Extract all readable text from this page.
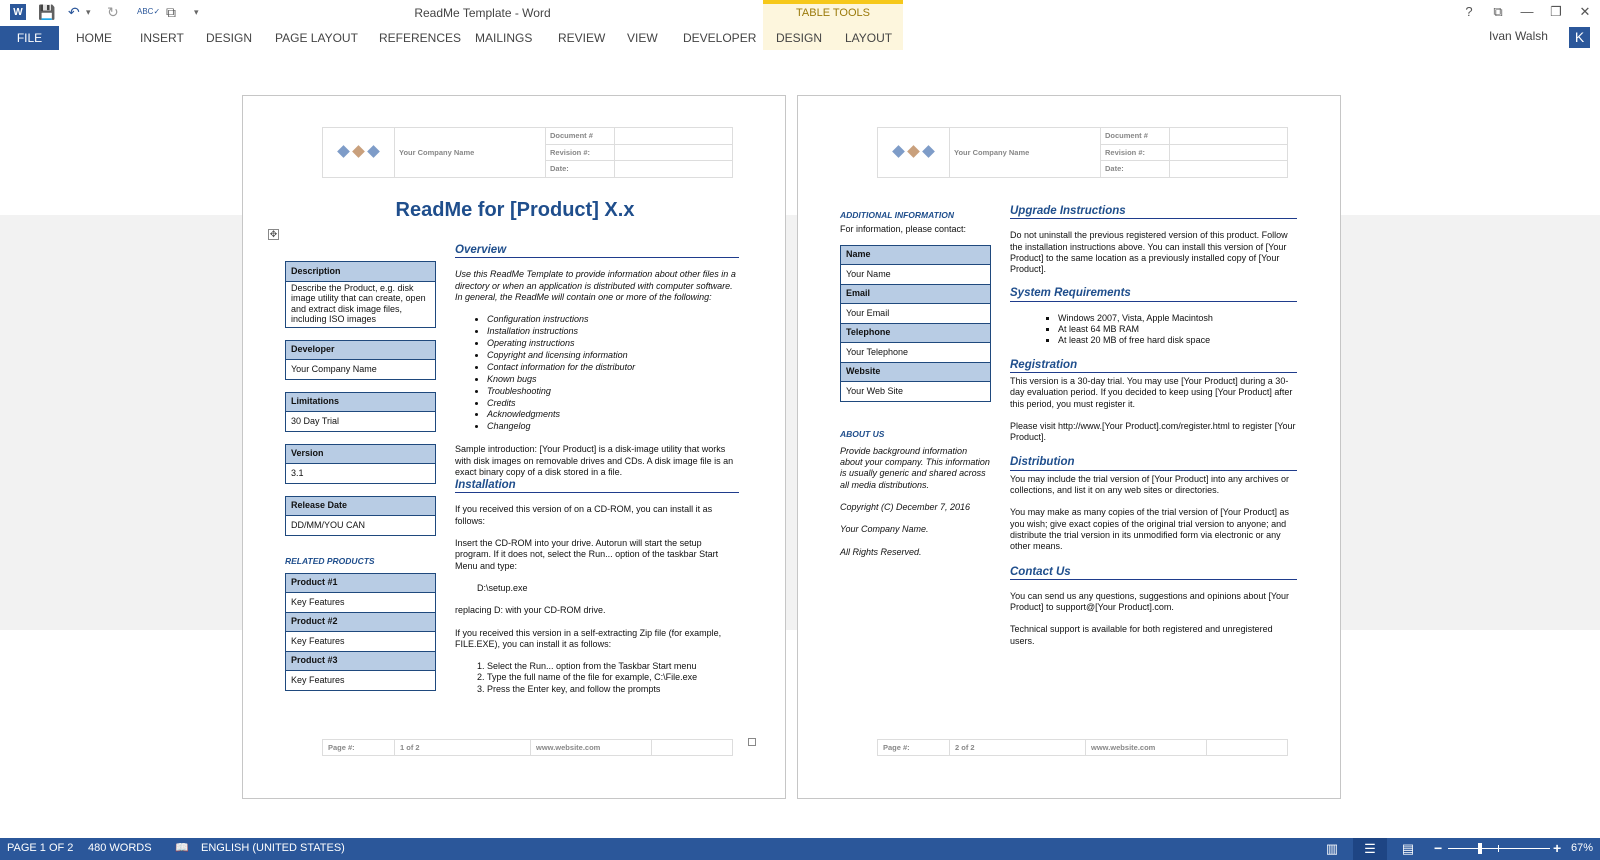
W 💾 ↶ ▾ ↻ ABC✓ ⧉ ▾	ReadMe Template - Word	?	⧉	—	❐	✕
TABLE TOOLS
FILE	HOME INSERT DESIGN PAGE LAYOUT REFERENCES MAILINGS REVIEW VIEW DEVELOPER DESIGN LAYOUT	Ivan Walsh	K
	Your Company Name	Document #	
		Revision #:	
		Date:	
ReadMe for [Product] X.x
✥
Description
Describe the Product, e.g. disk image utility that can create, open and extract disk image files, including ISO images
Developer
Your Company Name
Limitations
30 Day Trial
Version
3.1
Release Date
DD/MM/YOU CAN
RELATED PRODUCTS
Product #1
Key Features
Product #2
Key Features
Product #3
Key Features
Overview

Use this ReadMe Template to provide information about other files in a directory or when an application is distributed with computer software. In general, the ReadMe will contain one or more of the following:

• Configuration instructions
• Installation instructions
• Operating instructions
• Copyright and licensing information
• Contact information for the distributor
• Known bugs
• Troubleshooting
• Credits
• Acknowledgments
• Changelog

Sample introduction: [Your Product] is a disk-image utility that works with disk images on removable drives and CDs. A disk image file is an exact binary copy of a disk stored in a file.

Installation

If you received this version of on a CD-ROM, you can install it as follows:

Insert the CD-ROM into your drive. Autorun will start the setup program. If it does not, select the Run... option of the taskbar Start Menu and type:

D:\setup.exe

replacing D: with your CD-ROM drive.

If you received this version in a self-extracting Zip file (for example, FILE.EXE), you can install it as follows:

1. Select the Run... option from the Taskbar Start menu
2. Type the full name of the file for example, C:\File.exe
3. Press the Enter key, and follow the prompts
Page #:	1 of 2	www.website.com	
	Your Company Name	Document #	
		Revision #:	
		Date:	
ADDITIONAL INFORMATION
For information, please contact:
Name
Your Name
Email
Your Email
Telephone
Your Telephone
Website
Your Web Site
ABOUT US

Provide background information about your company. This information is usually generic and shared across all media distributions.

Copyright (C) December 7, 2016

Your Company Name.

All Rights Reserved.

Upgrade Instructions

Do not uninstall the previous registered version of this product. Follow the installation instructions above. You can install this version of [Your Product] to the same location as a previously installed copy of [Your Product].

System Requirements
▪ Windows 2007, Vista, Apple Macintosh
▪ At least 64 MB RAM
▪ At least 20 MB of free hard disk space
Registration

This version is a 30-day trial. You may use [Your Product] during a 30-day evaluation period. If you decided to keep using [Your Product] after this period, you must register it.

Please visit http://www.[Your Product].com/register.html to register [Your Product].

Distribution

You may include the trial version of [Your Product] into any archives or collections, and list it on any web sites or directories.

You may make as many copies of the trial version of [Your Product] as you wish; give exact copies of the original trial version to anyone; and distribute the trial version in its unmodified form via electronic or any other means.

Contact Us

You can send us any questions, suggestions and opinions about [Your Product] to support@[Your Product].com.

Technical support is available for both registered and unregistered users.

Page #:	2 of 2	www.website.com	
PAGE 1 OF 2 480 WORDS 📖 ENGLISH (UNITED STATES)	▥	☰	▤	−	+ 67%
